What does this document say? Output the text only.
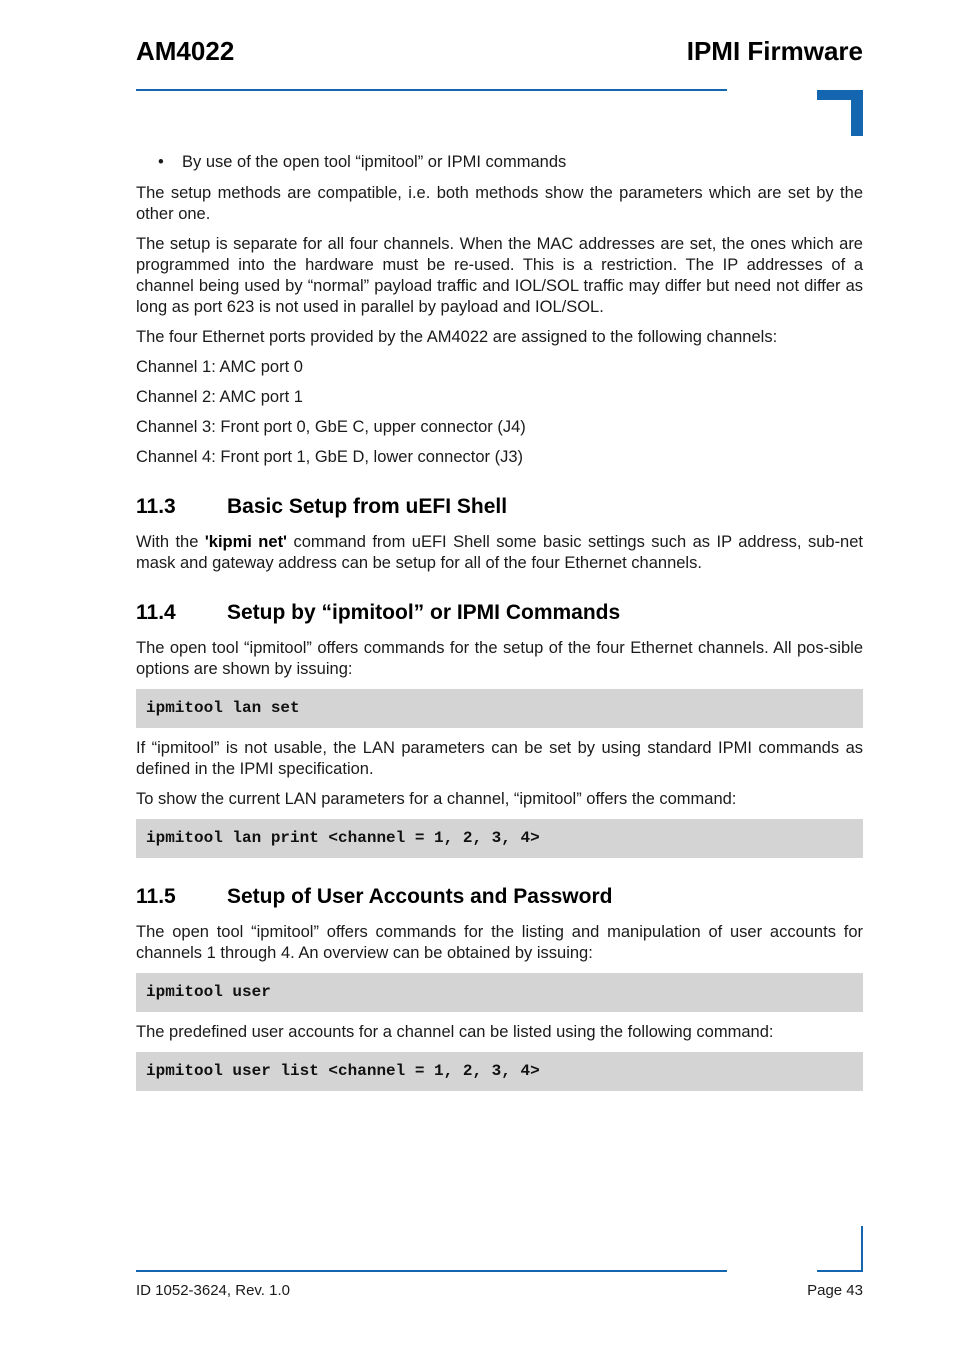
AM4022	IPMI Firmware
• By use of the open tool “ipmitool” or IPMI commands

The setup methods are compatible, i.e. both methods show the parameters which are set by the other one.

The setup is separate for all four channels. When the MAC addresses are set, the ones which are programmed into the hardware must be re-used. This is a restriction. The IP addresses of a channel being used by “normal” payload traffic and IOL/SOL traffic may differ but need not differ as long as port 623 is not used in parallel by payload and IOL/SOL.

The four Ethernet ports provided by the AM4022 are assigned to the following channels:

Channel 1: AMC port 0

Channel 2: AMC port 1

Channel 3: Front port 0, GbE C, upper connector (J4)

Channel 4: Front port 1, GbE D, lower connector (J3)

11.3	Basic Setup from uEFI Shell

With the 'kipmi net' command from uEFI Shell some basic settings such as IP address, sub-net mask and gateway address can be setup for all of the four Ethernet channels.

11.4	Setup by “ipmitool” or IPMI Commands

The open tool “ipmitool” offers commands for the setup of the four Ethernet channels. All pos-sible options are shown by issuing:

ipmitool lan set

If “ipmitool” is not usable, the LAN parameters can be set by using standard IPMI commands as defined in the IPMI specification.

To show the current LAN parameters for a channel, “ipmitool” offers the command:

ipmitool lan print <channel = 1, 2, 3, 4>
11.5	Setup of User Accounts and Password

The open tool “ipmitool” offers commands for the listing and manipulation of user accounts for channels 1 through 4. An overview can be obtained by issuing:

ipmitool user

The predefined user accounts for a channel can be listed using the following command:

ipmitool user list <channel = 1, 2, 3, 4>
ID 1052-3624, Rev. 1.0	Page 43
